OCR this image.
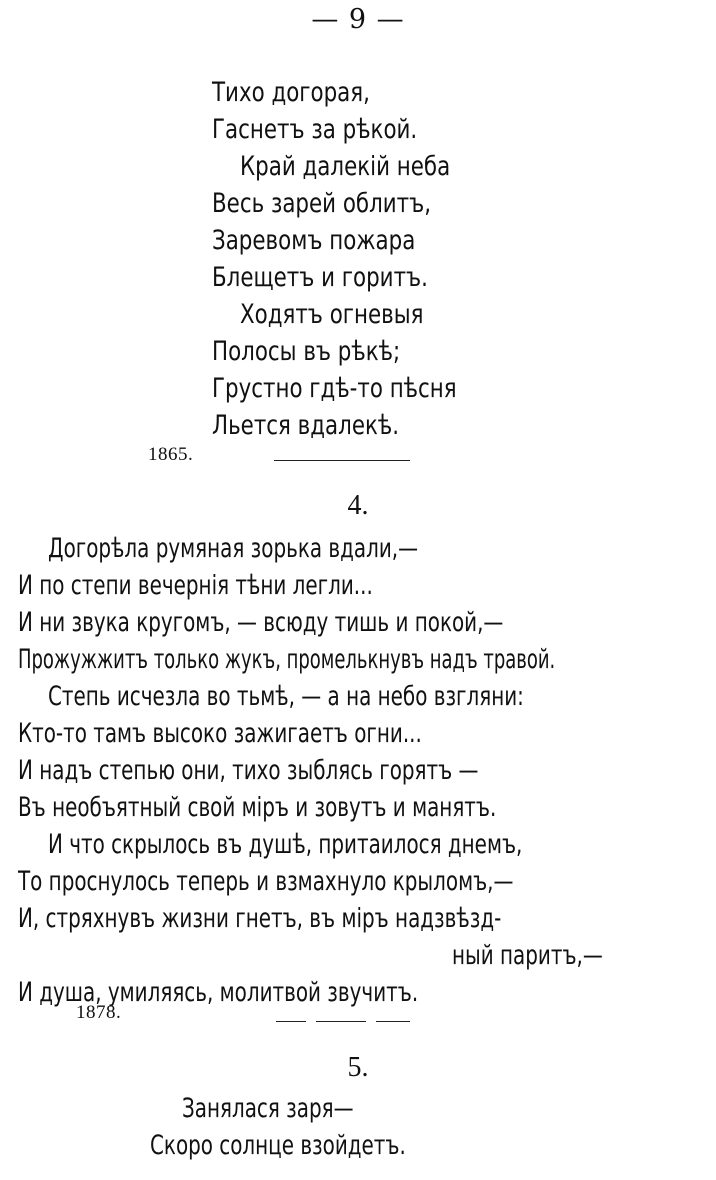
— 9 —
Тихо догорая,
Гаснетъ за рѣкой.
Край далекій неба
Весь зарей облитъ,
Заревомъ пожара
Блещетъ и горитъ.
Ходятъ огневыя
Полосы въ рѣкѣ;
Грустно гдѣ-то пѣсня
Льется вдалекѣ.
1865.
4.
Догорѣла румяная зорька вдали,—
И по степи вечернія тѣни легли...
И ни звука кругомъ, — всюду тишь и покой,—
Прожужжитъ только жукъ, промелькнувъ надъ травой.
Степь исчезла во тьмѣ, — а на небо взгляни:
Кто-то тамъ высоко зажигаетъ огни...
И надъ степью они, тихо зыблясь горятъ —
Въ необъятный свой міръ и зовутъ и манятъ.
И что скрылось въ душѣ, притаилося днемъ,
То проснулось теперь и взмахнуло крыломъ,—
И, стряхнувъ жизни гнетъ, въ міръ надзвѣзд-
ный паритъ,—
И душа, умиляясь, молитвой звучитъ.
1878.
5.
Занялася заря—
Скоро солнце взойдетъ.
